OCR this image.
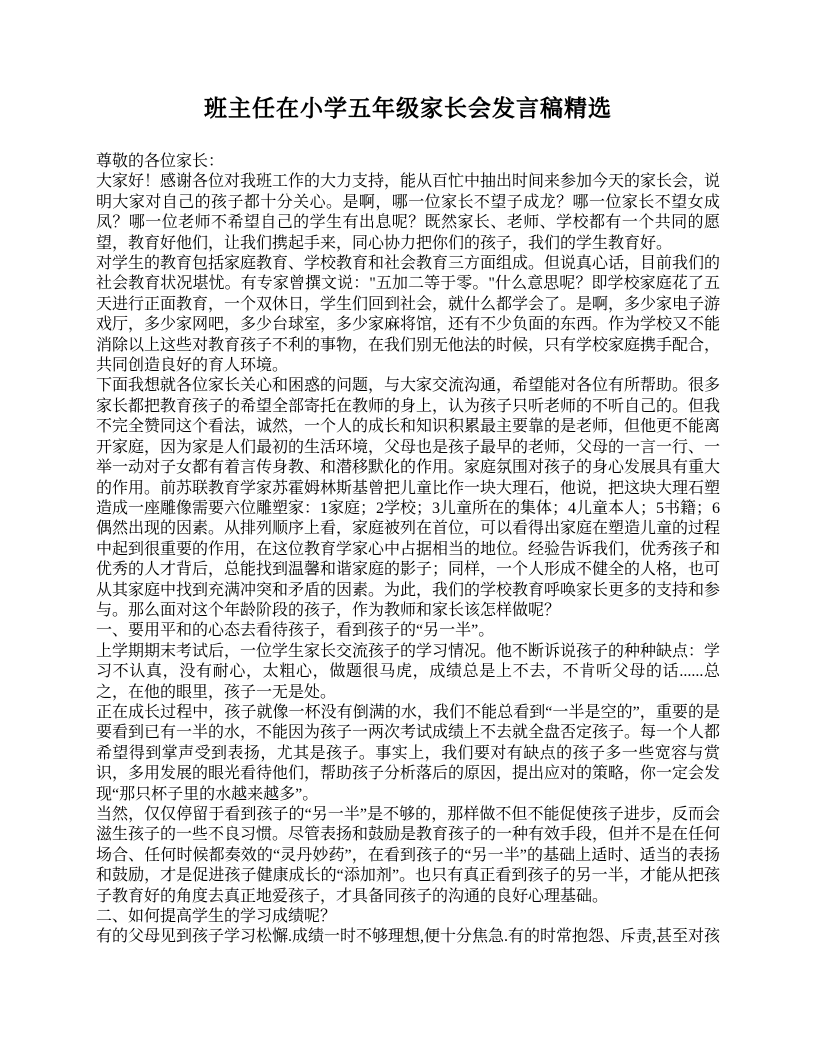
班主任在小学五年级家长会发言稿精选

尊敬的各位家长：

大家好！感谢各位对我班工作的大力支持，能从百忙中抽出时间来参加今天的家长会，说明大家对自己的孩子都十分关心。是啊，哪一位家长不望子成龙？哪一位家长不望女成凤？哪一位老师不希望自己的学生有出息呢？既然家长、老师、学校都有一个共同的愿望，教育好他们，让我们携起手来，同心协力把你们的孩子，我们的学生教育好。

对学生的教育包括家庭教育、学校教育和社会教育三方面组成。但说真心话，目前我们的社会教育状况堪忧。有专家曾撰文说："五加二等于零。"什么意思呢？即学校家庭花了五天进行正面教育，一个双休日，学生们回到社会，就什么都学会了。是啊，多少家电子游戏厅，多少家网吧，多少台球室，多少家麻将馆，还有不少负面的东西。作为学校又不能消除以上这些对教育孩子不利的事物，在我们别无他法的时候，只有学校家庭携手配合，共同创造良好的育人环境。

下面我想就各位家长关心和困惑的问题，与大家交流沟通，希望能对各位有所帮助。很多家长都把教育孩子的希望全部寄托在教师的身上，认为孩子只听老师的不听自己的。但我不完全赞同这个看法，诚然，一个人的成长和知识积累最主要靠的是老师，但他更不能离开家庭，因为家是人们最初的生活环境，父母也是孩子最早的老师，父母的一言一行、一举一动对子女都有着言传身教、和潜移默化的作用。家庭氛围对孩子的身心发展具有重大的作用。前苏联教育学家苏霍姆林斯基曾把儿童比作一块大理石，他说，把这块大理石塑造成一座雕像需要六位雕塑家：1家庭；2学校；3儿童所在的集体；4儿童本人；5书籍；6偶然出现的因素。从排列顺序上看，家庭被列在首位，可以看得出家庭在塑造儿童的过程中起到很重要的作用，在这位教育学家心中占据相当的地位。经验告诉我们，优秀孩子和优秀的人才背后，总能找到温馨和谐家庭的影子；同样，一个人形成不健全的人格，也可从其家庭中找到充满冲突和矛盾的因素。为此，我们的学校教育呼唤家长更多的支持和参与。那么面对这个年龄阶段的孩子，作为教师和家长该怎样做呢？

一、要用平和的心态去看待孩子，看到孩子的“另一半”。

上学期期末考试后，一位学生家长交流孩子的学习情况。他不断诉说孩子的种种缺点：学习不认真，没有耐心，太粗心，做题很马虎，成绩总是上不去，不肯听父母的话......总之，在他的眼里，孩子一无是处。

正在成长过程中，孩子就像一杯没有倒满的水，我们不能总看到“一半是空的”，重要的是要看到已有一半的水，不能因为孩子一两次考试成绩上不去就全盘否定孩子。每一个人都希望得到掌声受到表扬，尤其是孩子。事实上，我们要对有缺点的孩子多一些宽容与赏识，多用发展的眼光看待他们，帮助孩子分析落后的原因，提出应对的策略，你一定会发现“那只杯子里的水越来越多”。

当然，仅仅停留于看到孩子的“另一半”是不够的，那样做不但不能促使孩子进步，反而会滋生孩子的一些不良习惯。尽管表扬和鼓励是教育孩子的一种有效手段，但并不是在任何场合、任何时候都奏效的“灵丹妙药”，在看到孩子的“另一半”的基础上适时、适当的表扬和鼓励，才是促进孩子健康成长的“添加剂”。也只有真正看到孩子的另一半，才能从把孩子教育好的角度去真正地爱孩子，才具备同孩子的沟通的良好心理基础。

二、如何提高学生的学习成绩呢？

有的父母见到孩子学习松懈.成绩一时不够理想,便十分焦急.有的时常抱怨、斥责,甚至对孩
